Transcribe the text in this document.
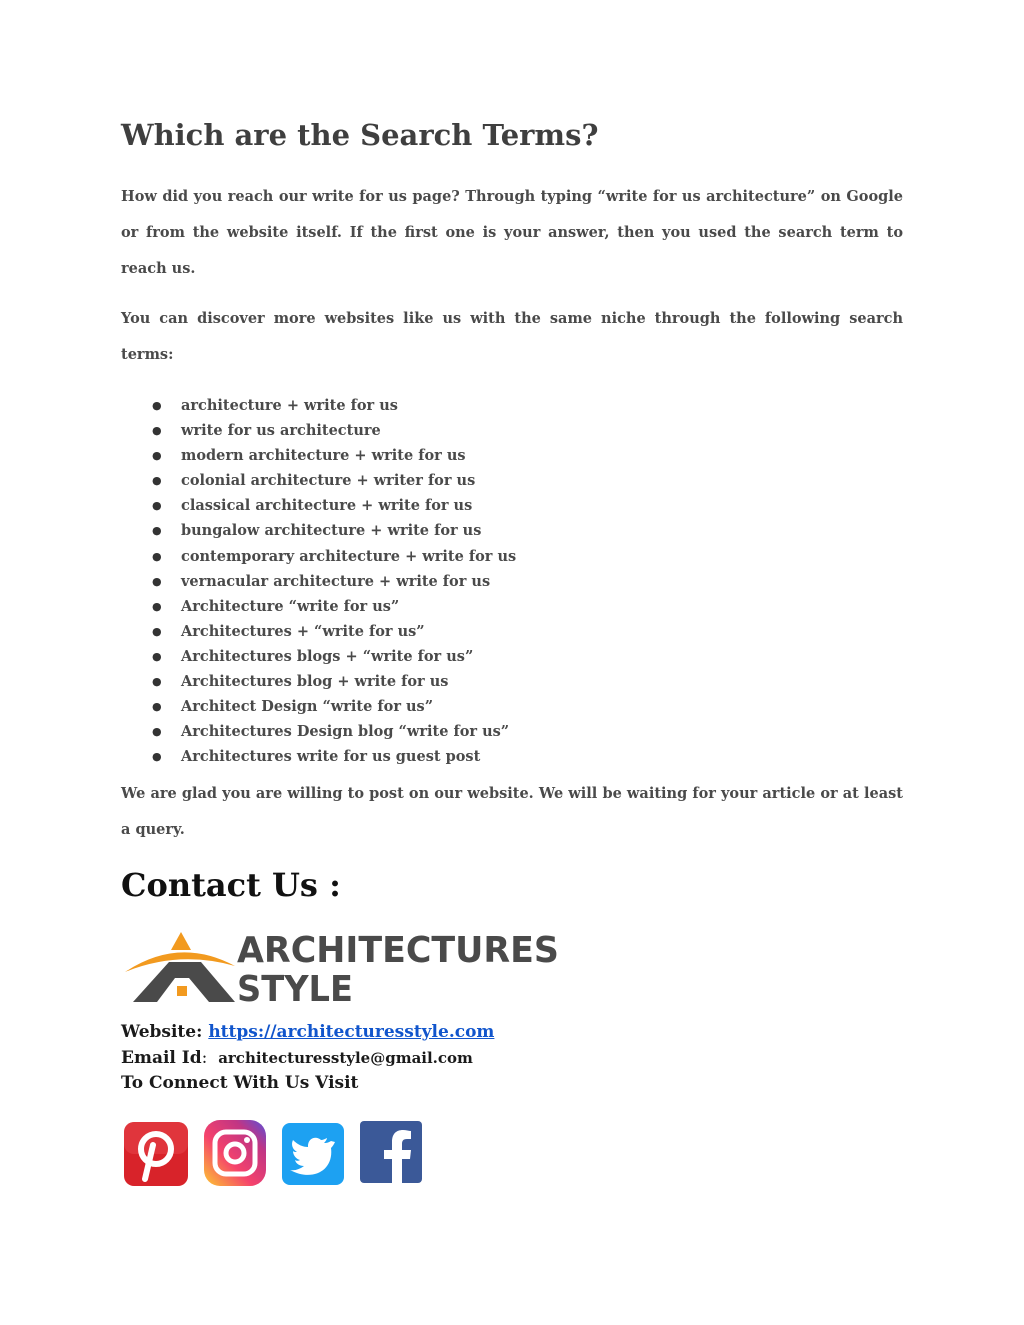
Which are the Search Terms?

How did you reach our write for us page? Through typing “write for us architecture” on Google or from the website itself. If the first one is your answer, then you used the search term to reach us.

You can discover more websites like us with the same niche through the following search terms:

● architecture + write for us
● write for us architecture
● modern architecture + write for us
● colonial architecture + writer for us
● classical architecture + write for us
● bungalow architecture + write for us
● contemporary architecture + write for us
● vernacular architecture + write for us
● Architecture “write for us”
● Architectures + “write for us”
● Architectures blogs + “write for us”
● Architectures blog + write for us
● Architect Design “write for us”
● Architectures Design blog “write for us”
● Architectures write for us guest post

We are glad you are willing to post on our website. We will be waiting for your article or at least a query.

Contact Us :
ARCHITECTURES
STYLE
Website: https://architecturesstyle.com
Email Id: architecturesstyle@gmail.com
To Connect With Us Visit
